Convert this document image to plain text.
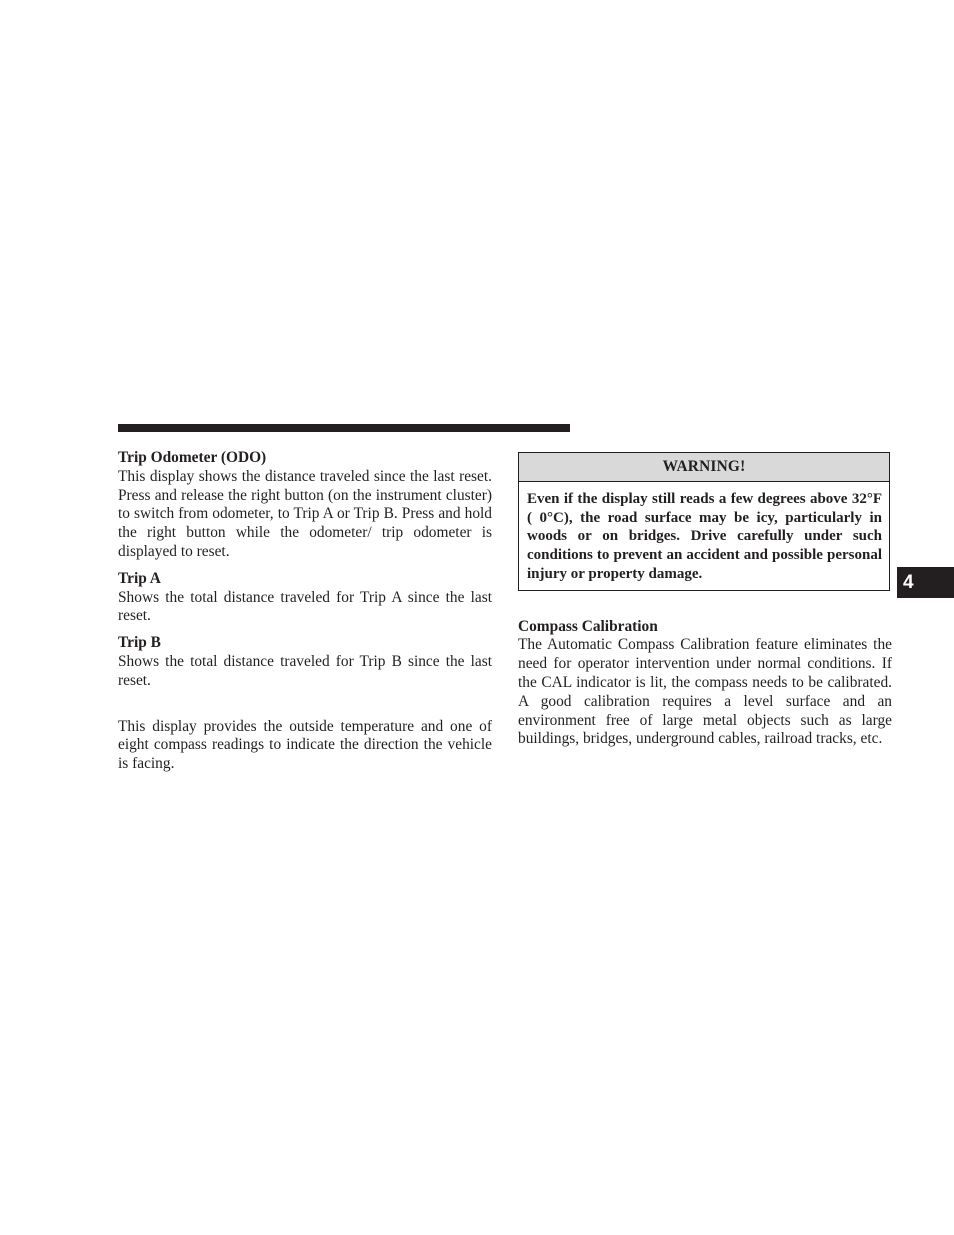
Trip Odometer (ODO)

This display shows the distance traveled since the last reset. Press and release the right button (on the instrument cluster) to switch from odometer, to Trip A or Trip B. Press and hold the right button while the odometer/ trip odometer is displayed to reset.

Trip A

Shows the total distance traveled for Trip A since the last reset.

Trip B

Shows the total distance traveled for Trip B since the last reset.

This display provides the outside temperature and one of eight compass readings to indicate the direction the vehicle is facing.

WARNING!
Even if the display still reads a few degrees above 32°F ( 0°C), the road surface may be icy, particularly in woods or on bridges. Drive carefully under such conditions to prevent an accident and possible personal injury or property damage.

Compass Calibration

The Automatic Compass Calibration feature eliminates the need for operator intervention under normal conditions. If the CAL indicator is lit, the compass needs to be calibrated. A good calibration requires a level surface and an environment free of large metal objects such as large buildings, bridges, underground cables, railroad tracks, etc.

4
